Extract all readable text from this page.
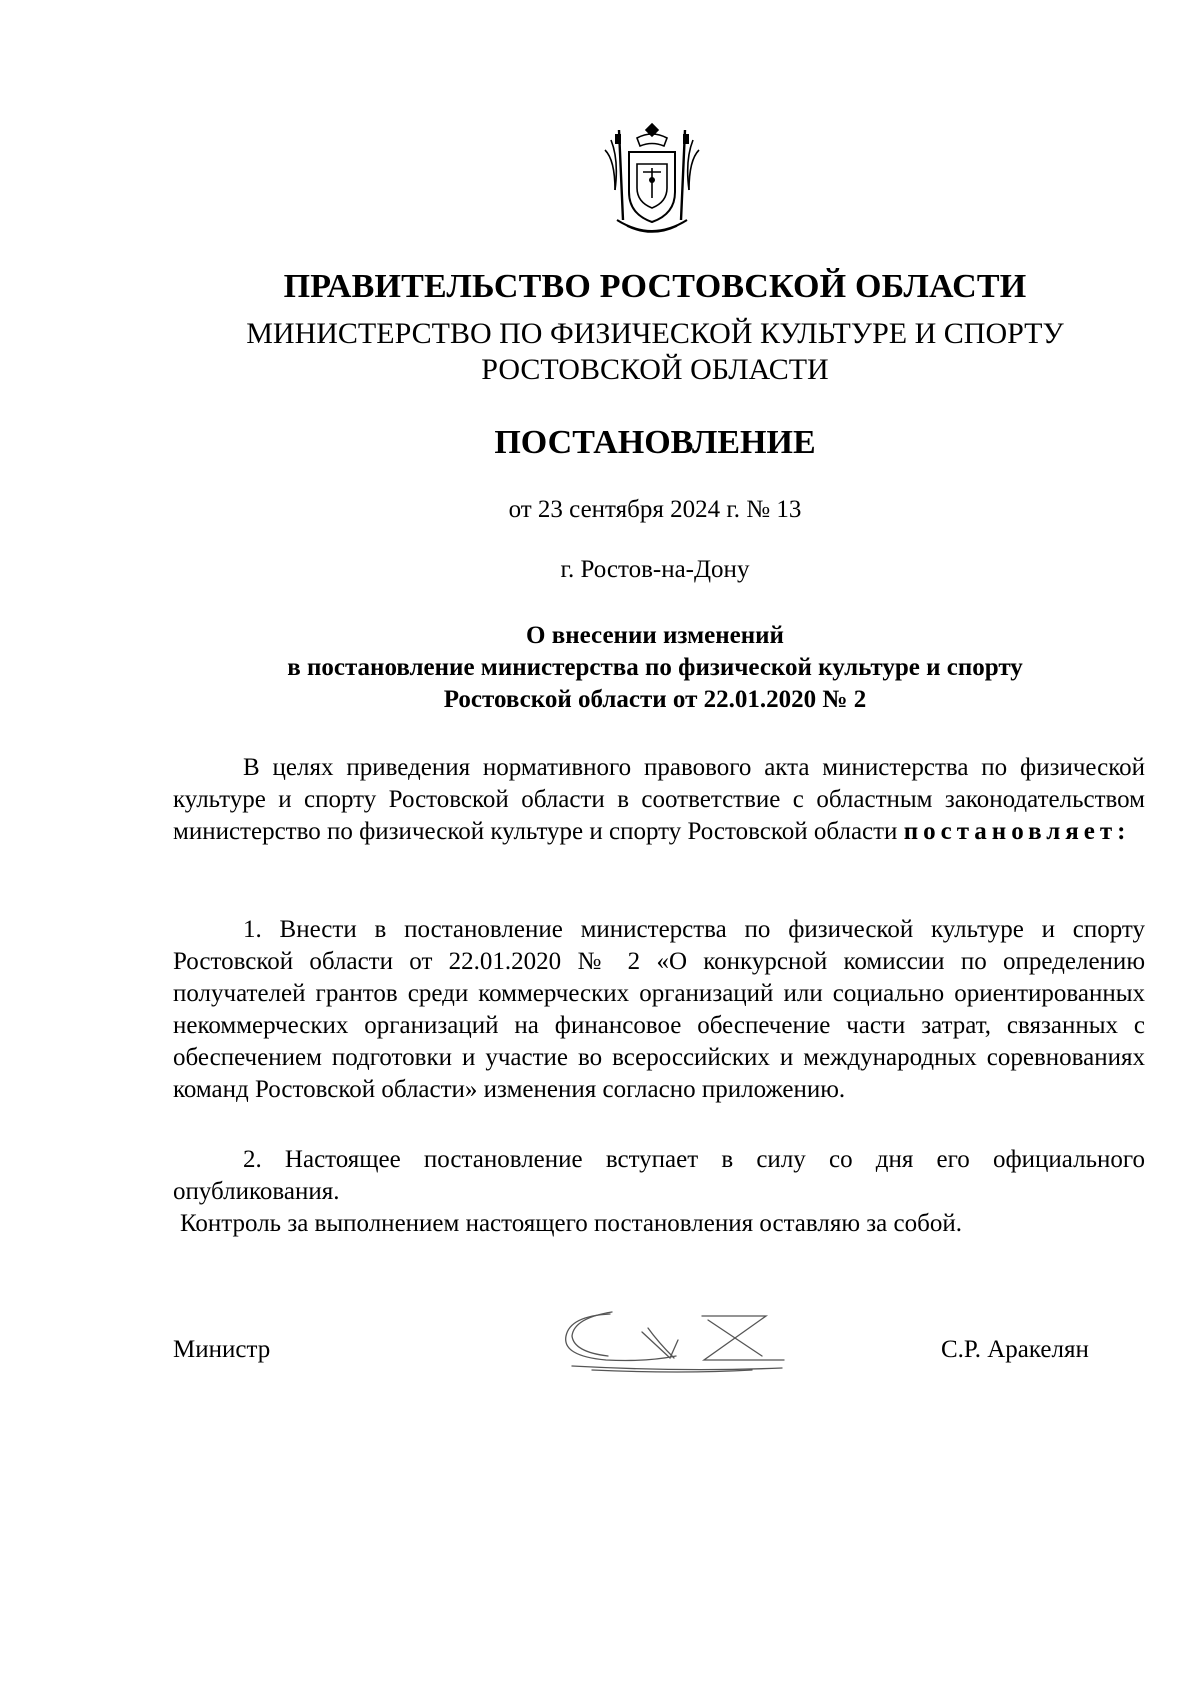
ПРАВИТЕЛЬСТВО РОСТОВСКОЙ ОБЛАСТИ
МИНИСТЕРСТВО ПО ФИЗИЧЕСКОЙ КУЛЬТУРЕ И СПОРТУ
РОСТОВСКОЙ ОБЛАСТИ
ПОСТАНОВЛЕНИЕ
от 23 сентября 2024 г. № 13
г. Ростов-на-Дону
О внесении изменений
в постановление министерства по физической культуре и спорту
Ростовской области от 22.01.2020 № 2

В целях приведения нормативного правового акта министерства по физической культуре и спорту Ростовской области в соответствие с областным законодательством министерство по физической культуре и спорту Ростовской области постановляет:

1. Внести в постановление министерства по физической культуре и спорту Ростовской области от 22.01.2020 № 2 «О конкурсной комиссии по определению получателей грантов среди коммерческих организаций или социально ориентированных некоммерческих организаций на финансовое обеспечение части затрат, связанных с обеспечением подготовки и участие во всероссийских и международных соревнованиях команд Ростовской области» изменения согласно приложению.

2. Настоящее постановление вступает в силу со дня его официального опубликования.

Контроль за выполнением настоящего постановления оставляю за собой.

Министр	С.Р. Аракелян
